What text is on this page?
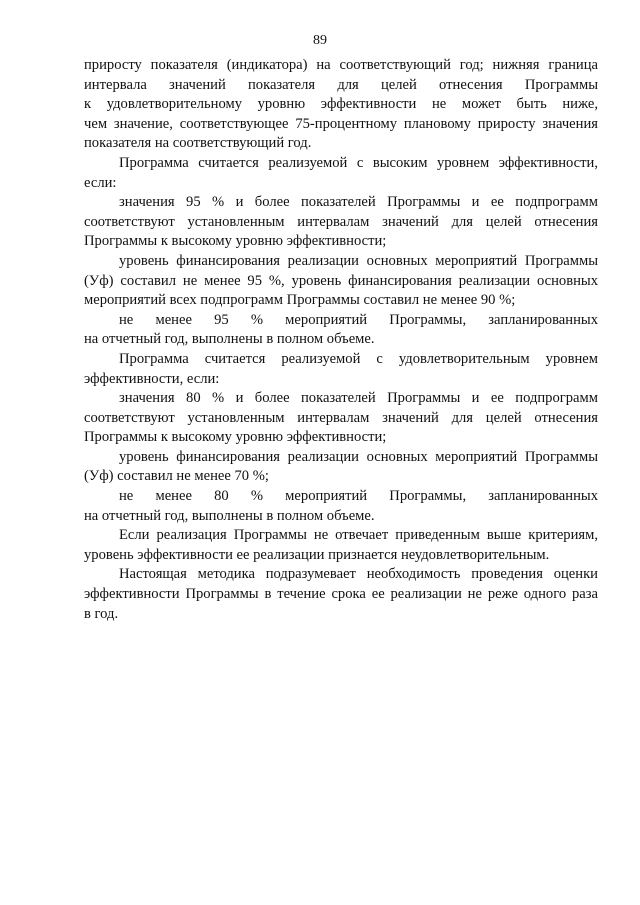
89
приросту показателя (индикатора) на соответствующий год; нижняя граница
интервала значений показателя для целей отнесения Программы
к удовлетворительному уровню эффективности не может быть ниже,
чем значение, соответствующее 75-процентному плановому приросту значения
показателя на соответствующий год.
Программа считается реализуемой с высоким уровнем эффективности,
если:
значения 95 % и более показателей Программы и ее подпрограмм
соответствуют установленным интервалам значений для целей отнесения
Программы к высокому уровню эффективности;
уровень финансирования реализации основных мероприятий Программы
(Уф) составил не менее 95 %, уровень финансирования реализации основных
мероприятий всех подпрограмм Программы составил не менее 90 %;
не менее 95 % мероприятий Программы, запланированных
на отчетный год, выполнены в полном объеме.
Программа считается реализуемой с удовлетворительным уровнем
эффективности, если:
значения 80 % и более показателей Программы и ее подпрограмм
соответствуют установленным интервалам значений для целей отнесения
Программы к высокому уровню эффективности;
уровень финансирования реализации основных мероприятий Программы
(Уф) составил не менее 70 %;
не менее 80 % мероприятий Программы, запланированных
на отчетный год, выполнены в полном объеме.
Если реализация Программы не отвечает приведенным выше критериям,
уровень эффективности ее реализации признается неудовлетворительным.
Настоящая методика подразумевает необходимость проведения оценки
эффективности Программы в течение срока ее реализации не реже одного раза
в год.
